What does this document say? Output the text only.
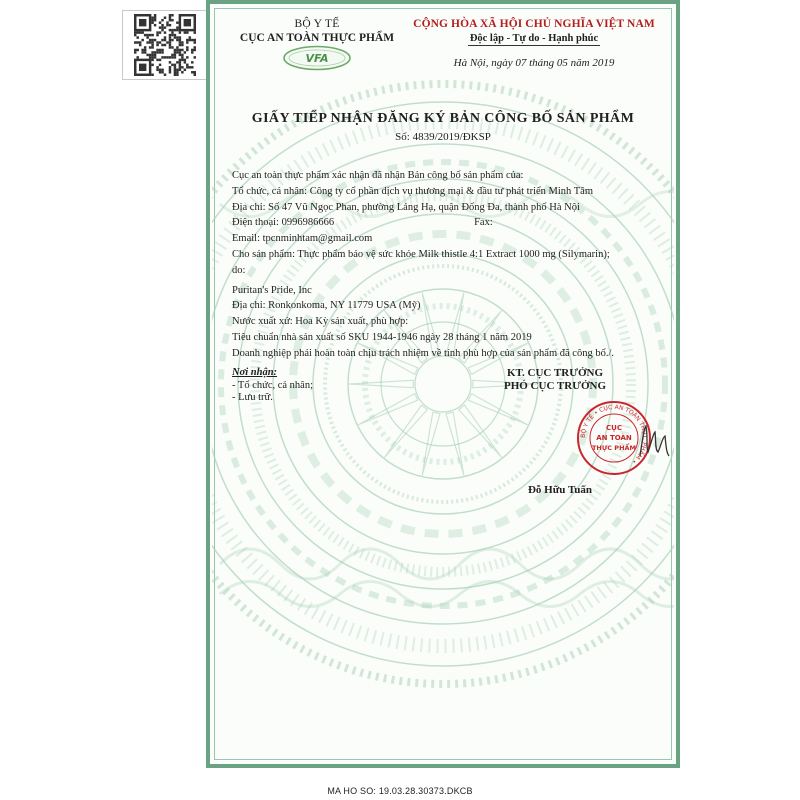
BỘ Y TẾ
CỤC AN TOÀN THỰC PHẨM
VFA
CỘNG HÒA XÃ HỘI CHỦ NGHĨA VIỆT NAM
Độc lập - Tự do - Hạnh phúc
Hà Nội, ngày 07 tháng 05 năm 2019
GIẤY TIẾP NHẬN ĐĂNG KÝ BẢN CÔNG BỐ SẢN PHẨM
Số: 4839/2019/ĐKSP
Cục an toàn thực phẩm xác nhận đã nhận Bản công bố sản phẩm của:
Tổ chức, cá nhân: Công ty cổ phần dịch vụ thương mại & đầu tư phát triển Minh Tâm
Địa chỉ: Số 47 Vũ Ngọc Phan, phường Láng Hạ, quận Đống Đa, thành phố Hà Nội
Điện thoại: 0996986666	Fax:
Email: tpcnminhtam@gmail.com
Cho sản phẩm: Thực phẩm bảo vệ sức khỏe Milk thistle 4:1 Extract 1000 mg (Silymarin);
do:
Puritan's Pride, Inc
Địa chỉ: Ronkonkoma, NY 11779 USA (Mỹ)
Nước xuất xứ: Hoa Kỳ sản xuất, phù hợp:
Tiêu chuẩn nhà sản xuất số SKU 1944-1946 ngày 28 tháng 1 năm 2019
Doanh nghiệp phải hoàn toàn chịu trách nhiệm về tính phù hợp của sản phẩm đã công bố./.
Nơi nhận:
- Tổ chức, cá nhân;
- Lưu trữ.
KT. CỤC TRƯỞNG
PHÓ CỤC TRƯỞNG
BỘ Y TẾ • CỤC AN TOÀN THỰC PHẨM •
CỤC
AN TOÀN
THỰC PHẨM
Đỗ Hữu Tuấn
MA HO SO: 19.03.28.30373.DKCB
